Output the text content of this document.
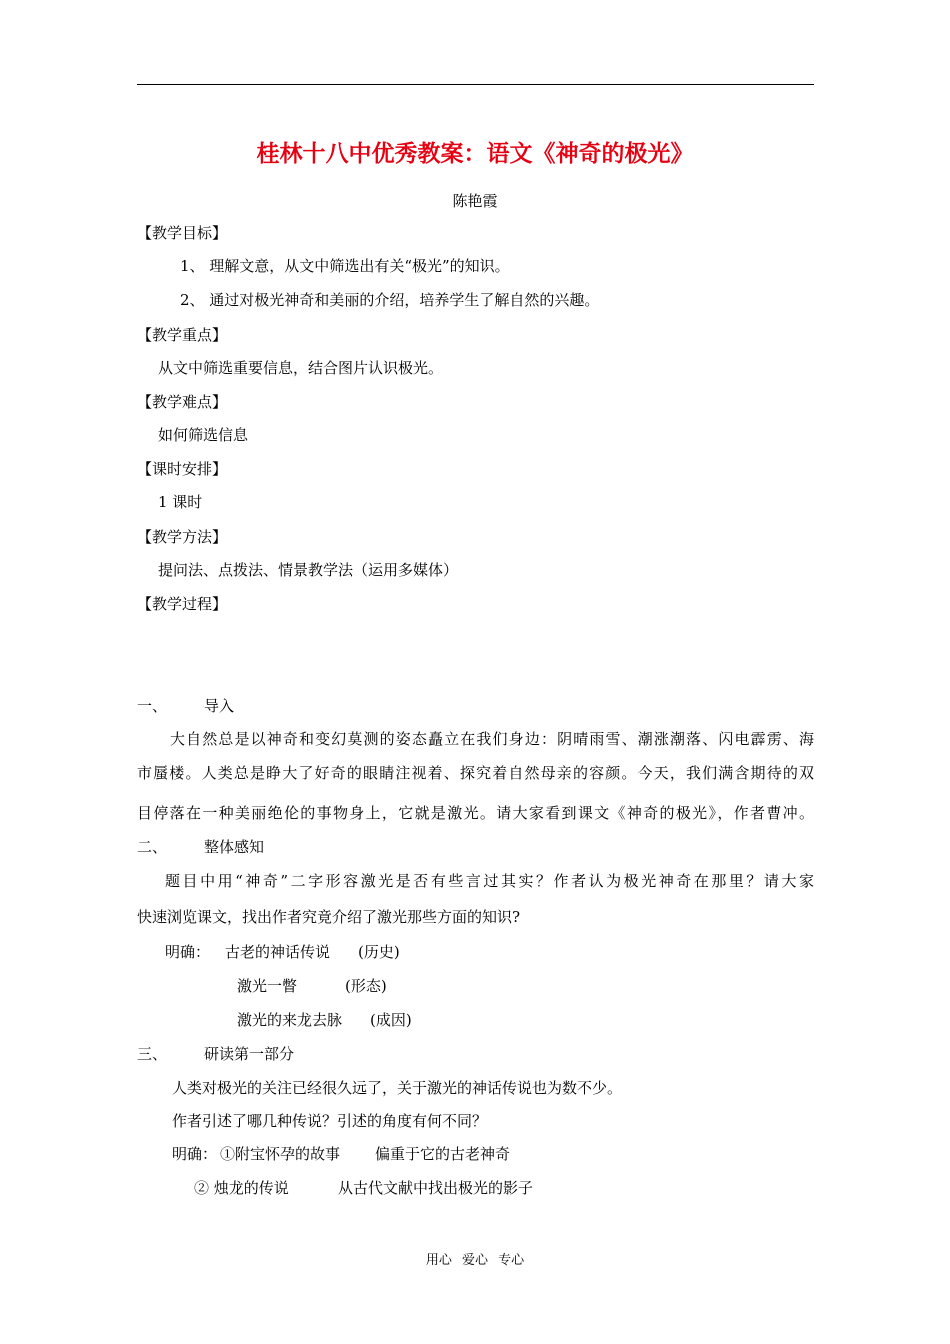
桂林十八中优秀教案：语文《神奇的极光》
陈艳霞
【教学目标】
1、 理解文意，从文中筛选出有关“极光”的知识。
2、 通过对极光神奇和美丽的介绍，培养学生了解自然的兴趣。
【教学重点】
从文中筛选重要信息，结合图片认识极光。
【教学难点】
如何筛选信息
【课时安排】
1 课时
【教学方法】
提问法、点拨法、情景教学法（运用多媒体）
【教学过程】
一、 导入
大自然总是以神奇和变幻莫测的姿态矗立在我们身边：阴晴雨雪、潮涨潮落、闪电霹雳、海
市蜃楼。人类总是睁大了好奇的眼睛注视着、探究着自然母亲的容颜。今天，我们满含期待的双
目停落在一种美丽绝伦的事物身上，它就是激光。请大家看到课文《神奇的极光》，作者曹冲。
二、 整体感知
题目中用“神奇”二字形容激光是否有些言过其实？作者认为极光神奇在那里？请大家
快速浏览课文，找出作者究竟介绍了激光那些方面的知识?
明确： 古老的神话传说 (历史)
激光一瞥	(形态)
激光的来龙去脉 (成因)
三、 研读第一部分
人类对极光的关注已经很久远了，关于激光的神话传说也为数不少。
作者引述了哪几种传说？引述的角度有何不同？
明确： ①附宝怀孕的故事 偏重于它的古老神奇
② 烛龙的传说	从古代文献中找出极光的影子
用心 爱心 专心
